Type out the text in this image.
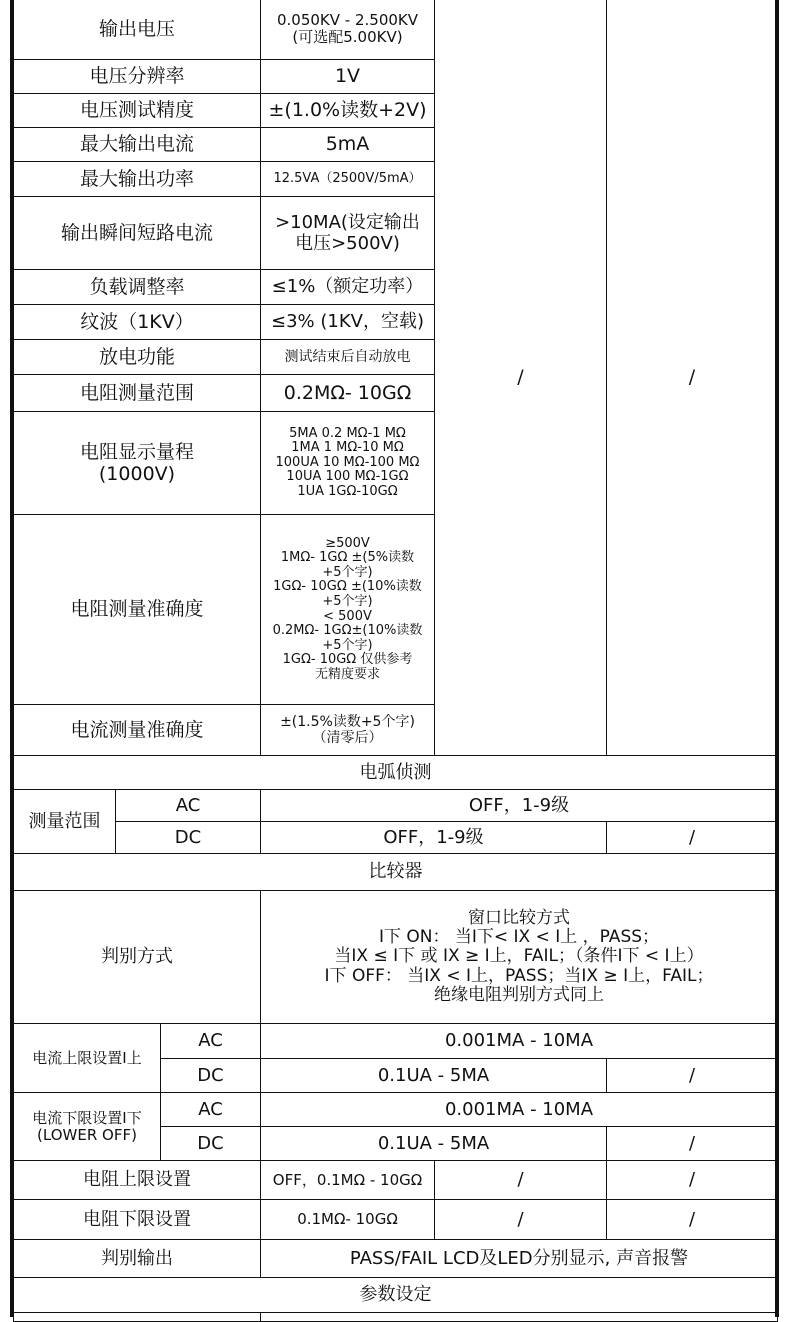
输出电压	0.050KV - 2.500KV
(可选配5.00KV)
电压分辨率	1V
电压测试精度	±(1.0%读数+2V)
最大输出电流	5mA
最大输出功率	12.5VA（2500V/5mA）
输出瞬间短路电流	>10MA(设定输出
电压>500V)
负载调整率	≤1%（额定功率）
纹波（1KV）	≤3% (1KV，空载)
放电功能	测试结束后自动放电
电阻测量范围	0.2MΩ- 10GΩ
电阻显示量程
(1000V)
5MA 0.2 MΩ-1 MΩ
1MA 1 MΩ-10 MΩ
100UA 10 MΩ-100 MΩ
10UA 100 MΩ-1GΩ
1UA 1GΩ-10GΩ
电阻测量准确度
≥500V
1MΩ- 1GΩ ±(5%读数
+5个字)
1GΩ- 10GΩ ±(10%读数
+5个字)
< 500V
0.2MΩ- 1GΩ±(10%读数
+5个字)
1GΩ- 10GΩ 仅供参考
无精度要求
电流测量准确度	±(1.5%读数+5个字)
（清零后）
/	/
电弧侦测
测量范围
AC	OFF，1-9级
DC	OFF，1-9级	/
比较器
判别方式
窗口比较方式
I下 ON： 当I下< IX < I上 ，PASS；
当IX ≤ I下 或 IX ≥ I上，FAIL；（条件I下 < I上）
I下 OFF： 当IX < I上，PASS；当IX ≥ I上，FAIL；
绝缘电阻判别方式同上
电流上限设置I上
AC	0.001MA - 10MA
DC	0.1UA - 5MA	/
电流下限设置I下
(LOWER OFF)
AC	0.001MA - 10MA
DC	0.1UA - 5MA	/
电阻上限设置	OFF，0.1MΩ - 10GΩ	/	/
电阻下限设置	0.1MΩ- 10GΩ	/	/
判别输出	PASS/FAIL LCD及LED分别显示, 声音报警
参数设定
